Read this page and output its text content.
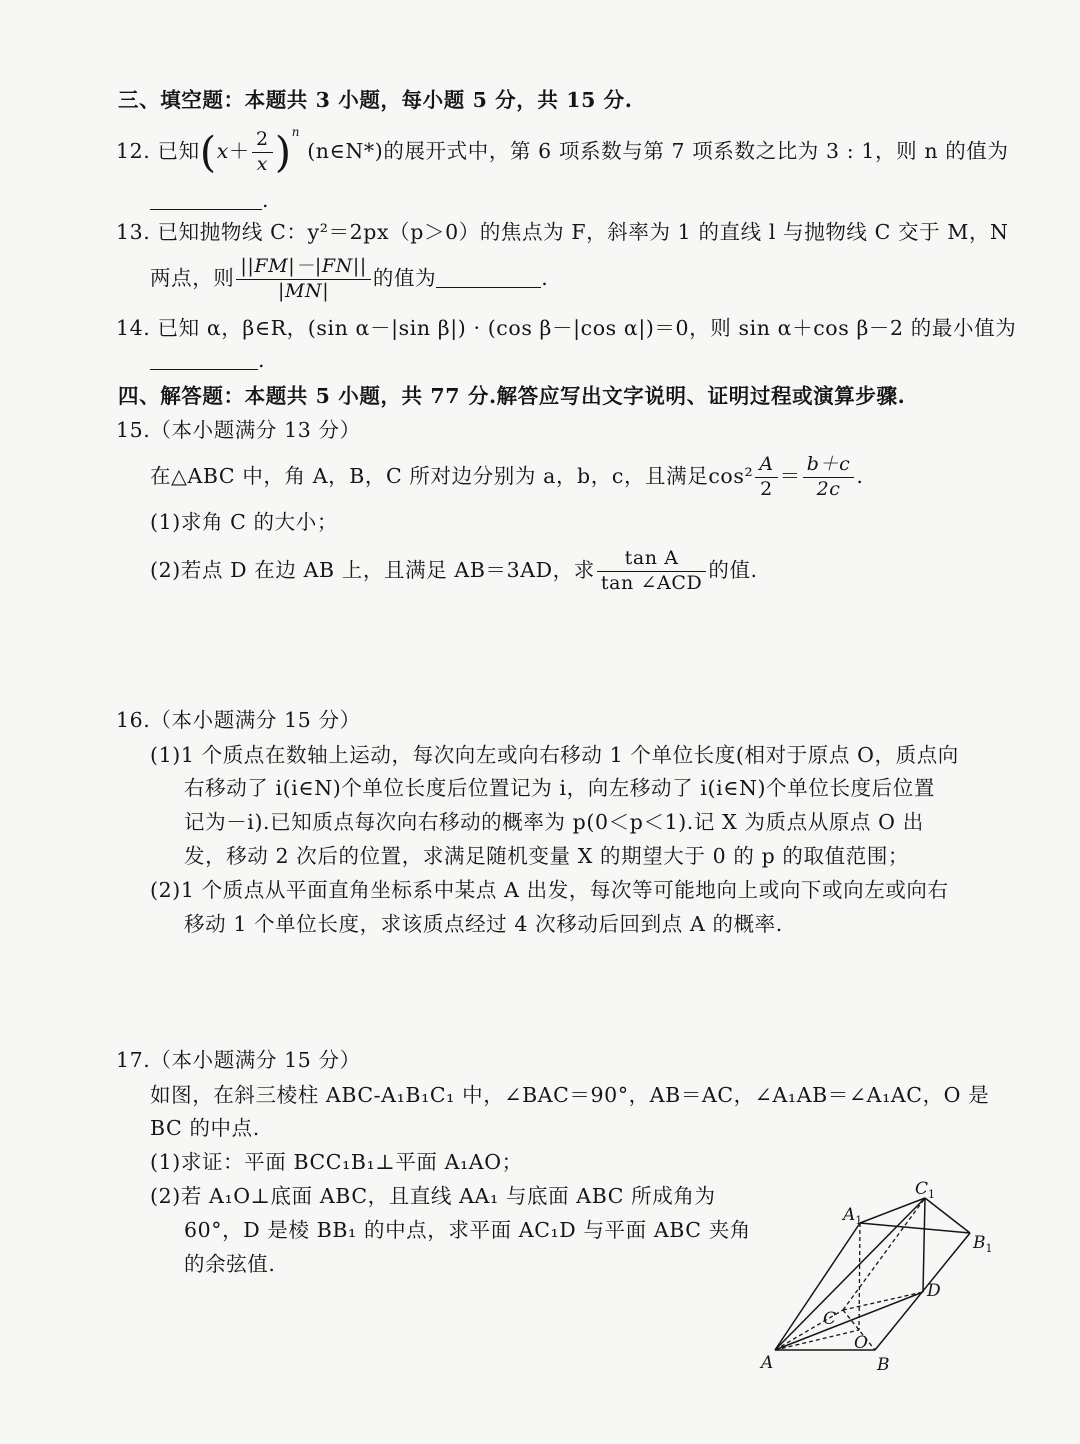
三、填空题：本题共 3 小题，每小题 5 分，共 15 分.
12. 已知$(x+ \frac{2}{x} )^n$ (n∈N*)的展开式中，第 6 项系数与第 7 项系数之比为 3 : 1，则 n 的值为
.
13. 已知抛物线 C：y²＝2px（p＞0）的焦点为 F，斜率为 1 的直线 l 与抛物线 C 交于 M，N
两点，则 $\frac{||FM|-|FN||}{|MN|}$ 的值为	.
14. 已知 α，β∈R，(sin α－|sin β|) · (cos β－|cos α|)＝0，则 sin α＋cos β－2 的最小值为
.
四、解答题：本题共 5 小题，共 77 分.解答应写出文字说明、证明过程或演算步骤.
15.（本小题满分 13 分）
在△ABC 中，角 A，B，C 所对边分别为 a，b，c，且满足$\cos^2 \frac{A}{2} = \frac{b+c}{2c}$ .
(1)求角 C 的大小；
(2)若点 D 在边 AB 上，且满足 AB＝3AD，求 $\frac{\text{tan A}}{\text{tan ∠ACD}}$ 的值.
16.（本小题满分 15 分）
(1)1 个质点在数轴上运动，每次向左或向右移动 1 个单位长度(相对于原点 O，质点向
右移动了 i(i∈N)个单位长度后位置记为 i，向左移动了 i(i∈N)个单位长度后位置
记为－i).已知质点每次向右移动的概率为 p(0＜p＜1).记 X 为质点从原点 O 出
发，移动 2 次后的位置，求满足随机变量 X 的期望大于 0 的 p 的取值范围；
(2)1 个质点从平面直角坐标系中某点 A 出发，每次等可能地向上或向下或向左或向右
移动 1 个单位长度，求该质点经过 4 次移动后回到点 A 的概率.
17.（本小题满分 15 分）
如图，在斜三棱柱 ABC-A₁B₁C₁ 中，∠BAC＝90°，AB＝AC，∠A₁AB＝∠A₁AC，O 是
BC 的中点.
(1)求证：平面 BCC₁B₁⊥平面 A₁AO；
(2)若 A₁O⊥底面 ABC，且直线 AA₁ 与底面 ABC 所成角为
60°，D 是棱 BB₁ 的中点，求平面 AC₁D 与平面 ABC 夹角
的余弦值.
A	B
C
O
D
$A_1$
$B_1$
$C_1$
